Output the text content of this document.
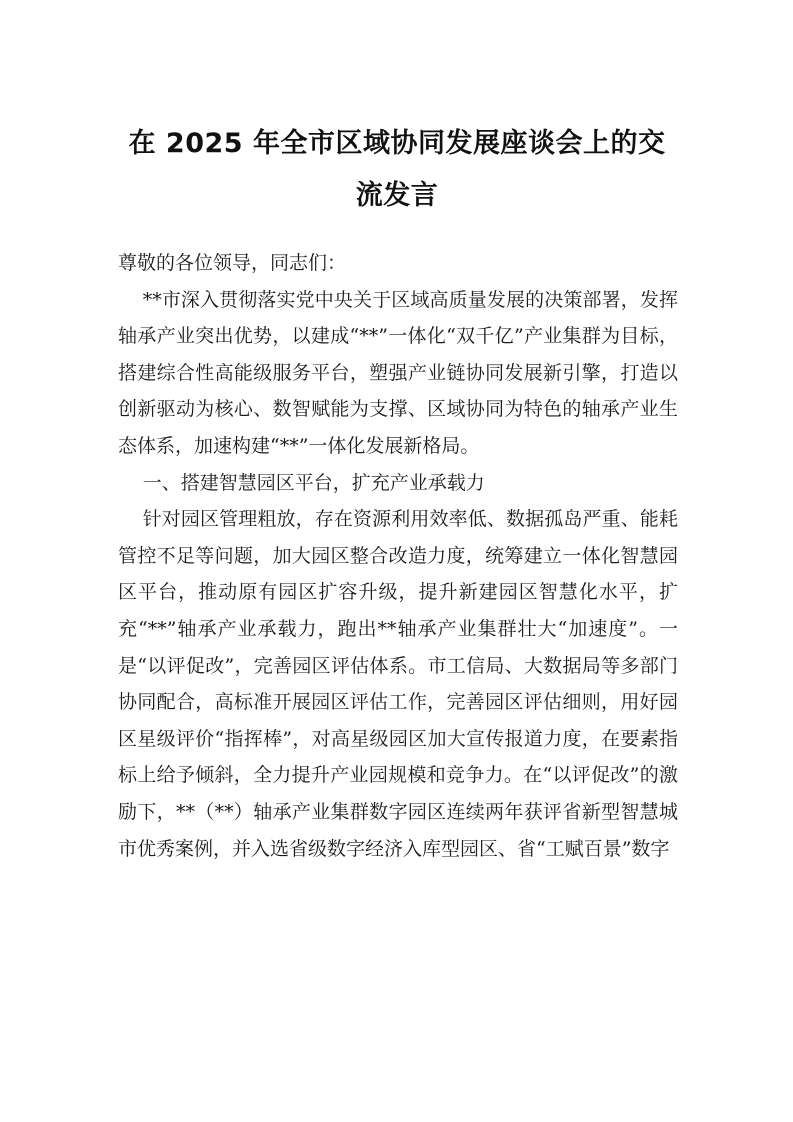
在 2025 年全市区域协同发展座谈会上的交
流发言

尊敬的各位领导，同志们：

**市深入贯彻落实党中央关于区域高质量发展的决策部署，发挥轴承产业突出优势，以建成“**”一体化“双千亿”产业集群为目标，搭建综合性高能级服务平台，塑强产业链协同发展新引擎，打造以创新驱动为核心、数智赋能为支撑、区域协同为特色的轴承产业生态体系，加速构建“**”一体化发展新格局。

一、搭建智慧园区平台，扩充产业承载力

针对园区管理粗放，存在资源利用效率低、数据孤岛严重、能耗管控不足等问题，加大园区整合改造力度，统筹建立一体化智慧园区平台，推动原有园区扩容升级，提升新建园区智慧化水平，扩充“**”轴承产业承载力，跑出**轴承产业集群壮大“加速度”。一是“以评促改”，完善园区评估体系。市工信局、大数据局等多部门协同配合，高标准开展园区评估工作，完善园区评估细则，用好园区星级评价“指挥棒”，对高星级园区加大宣传报道力度，在要素指标上给予倾斜，全力提升产业园规模和竞争力。在“以评促改”的激励下，**（**）轴承产业集群数字园区连续两年获评省新型智慧城市优秀案例，并入选省级数字经济入库型园区、省“工赋百景”数字
